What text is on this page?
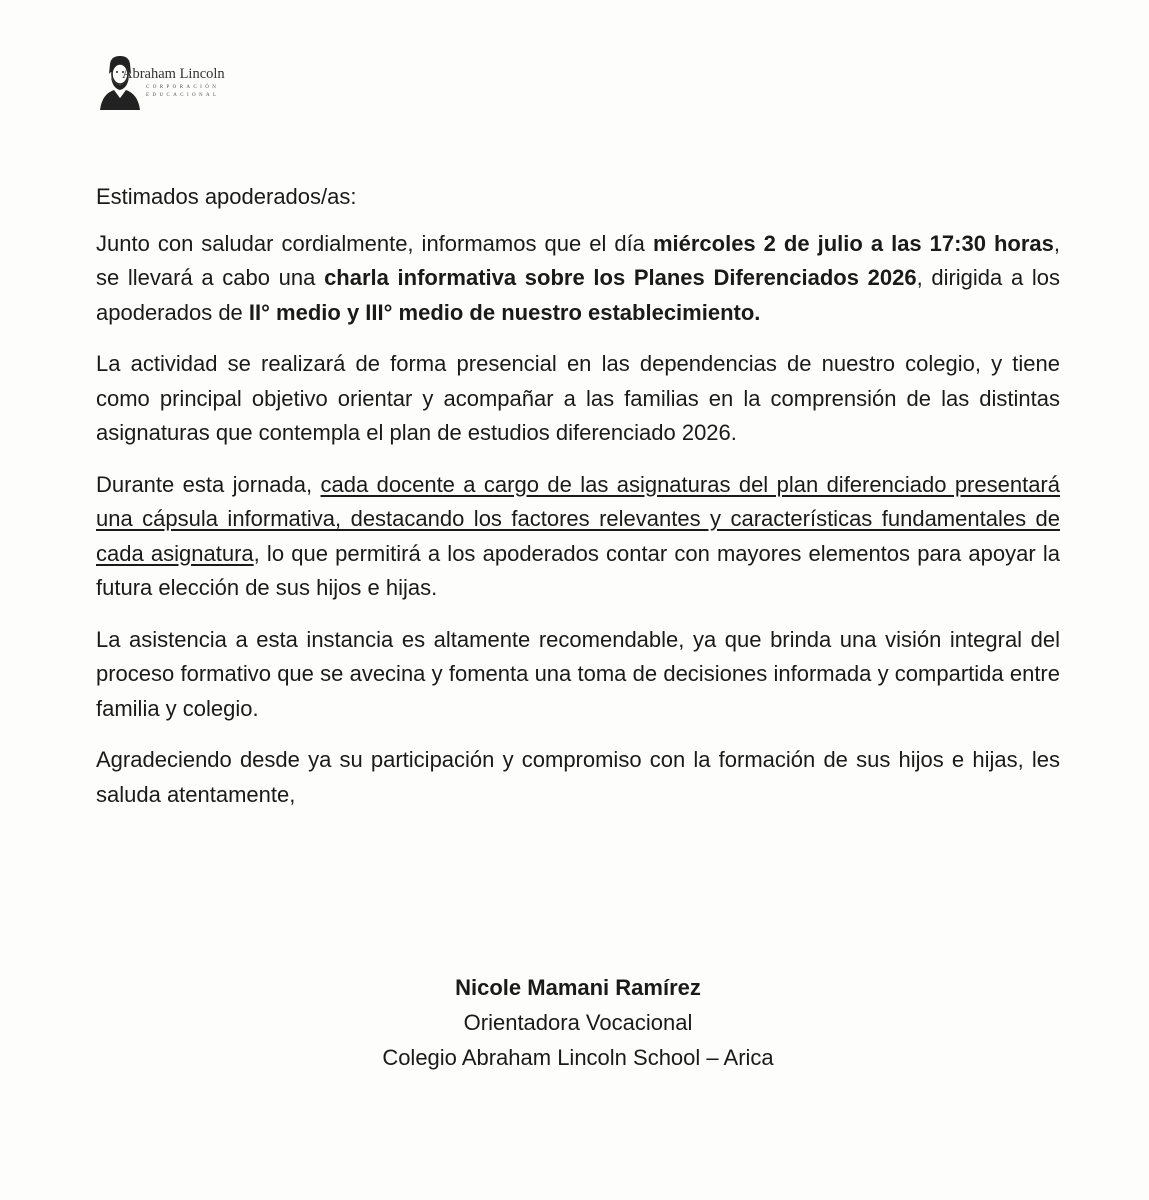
Abraham Lincoln
CORPORACIÓN
EDUCACIONAL

Estimados apoderados/as:

Junto con saludar cordialmente, informamos que el día miércoles 2 de julio a las 17:30 horas, se llevará a cabo una charla informativa sobre los Planes Diferenciados 2026, dirigida a los apoderados de II° medio y III° medio de nuestro establecimiento.

La actividad se realizará de forma presencial en las dependencias de nuestro colegio, y tiene como principal objetivo orientar y acompañar a las familias en la comprensión de las distintas asignaturas que contempla el plan de estudios diferenciado 2026.

Durante esta jornada, cada docente a cargo de las asignaturas del plan diferenciado presentará una cápsula informativa, destacando los factores relevantes y características fundamentales de cada asignatura, lo que permitirá a los apoderados contar con mayores elementos para apoyar la futura elección de sus hijos e hijas.

La asistencia a esta instancia es altamente recomendable, ya que brinda una visión integral del proceso formativo que se avecina y fomenta una toma de decisiones informada y compartida entre familia y colegio.

Agradeciendo desde ya su participación y compromiso con la formación de sus hijos e hijas, les saluda atentamente,

Nicole Mamani Ramírez
Orientadora Vocacional
Colegio Abraham Lincoln School – Arica
